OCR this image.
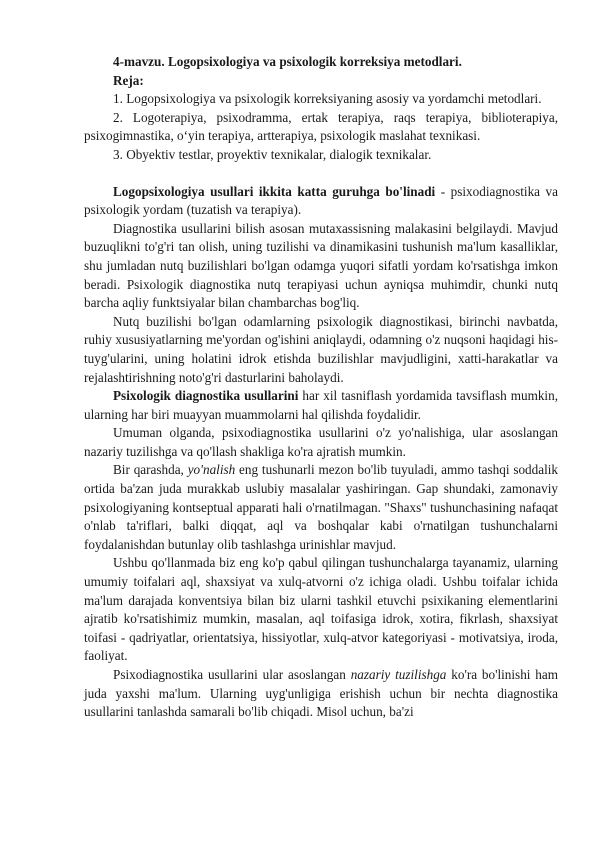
4-mavzu. Logopsixologiya va psixologik korreksiya metodlari.

Reja:

1. Logopsixologiya va psixologik korreksiyaning asosiy va yordamchi metodlari.

2. Logoterapiya, psixodramma, ertak terapiya, raqs terapiya, biblioterapiya, psixogimnastika, o‘yin terapiya, artterapiya, psixologik maslahat texnikasi.

3. Obyektiv testlar, proyektiv texnikalar, dialogik texnikalar.

Logopsixologiya usullari ikkita katta guruhga bo'linadi - psixodiagnostika va psixologik yordam (tuzatish va terapiya).

Diagnostika usullarini bilish asosan mutaxassisning malakasini belgilaydi. Mavjud buzuqlikni to'g'ri tan olish, uning tuzilishi va dinamikasini tushunish ma'lum kasalliklar, shu jumladan nutq buzilishlari bo'lgan odamga yuqori sifatli yordam ko'rsatishga imkon beradi. Psixologik diagnostika nutq terapiyasi uchun ayniqsa muhimdir, chunki nutq barcha aqliy funktsiyalar bilan chambarchas bog'liq.

Nutq buzilishi bo'lgan odamlarning psixologik diagnostikasi, birinchi navbatda, ruhiy xususiyatlarning me'yordan og'ishini aniqlaydi, odamning o'z nuqsoni haqidagi his-tuyg'ularini, uning holatini idrok etishda buzilishlar mavjudligini, xatti-harakatlar va rejalashtirishning noto'g'ri dasturlarini baholaydi.

Psixologik diagnostika usullarini har xil tasniflash yordamida tavsiflash mumkin, ularning har biri muayyan muammolarni hal qilishda foydalidir.

Umuman olganda, psixodiagnostika usullarini o'z yo'nalishiga, ular asoslangan nazariy tuzilishga va qo'llash shakliga ko'ra ajratish mumkin.

Bir qarashda, yo'nalish eng tushunarli mezon bo'lib tuyuladi, ammo tashqi soddalik ortida ba'zan juda murakkab uslubiy masalalar yashiringan. Gap shundaki, zamonaviy psixologiyaning kontseptual apparati hali o'rnatilmagan. "Shaxs" tushunchasining nafaqat o'nlab ta'riflari, balki diqqat, aql va boshqalar kabi o'rnatilgan tushunchalarni foydalanishdan butunlay olib tashlashga urinishlar mavjud.

Ushbu qo'llanmada biz eng ko'p qabul qilingan tushunchalarga tayanamiz, ularning umumiy toifalari aql, shaxsiyat va xulq-atvorni o'z ichiga oladi. Ushbu toifalar ichida ma'lum darajada konventsiya bilan biz ularni tashkil etuvchi psixikaning elementlarini ajratib ko'rsatishimiz mumkin, masalan, aql toifasiga idrok, xotira, fikrlash, shaxsiyat toifasi - qadriyatlar, orientatsiya, hissiyotlar, xulq-atvor kategoriyasi - motivatsiya, iroda, faoliyat.

Psixodiagnostika usullarini ular asoslangan nazariy tuzilishga ko'ra bo'linishi ham juda yaxshi ma'lum. Ularning uyg'unligiga erishish uchun bir nechta diagnostika usullarini tanlashda samarali bo'lib chiqadi. Misol uchun, ba'zi
